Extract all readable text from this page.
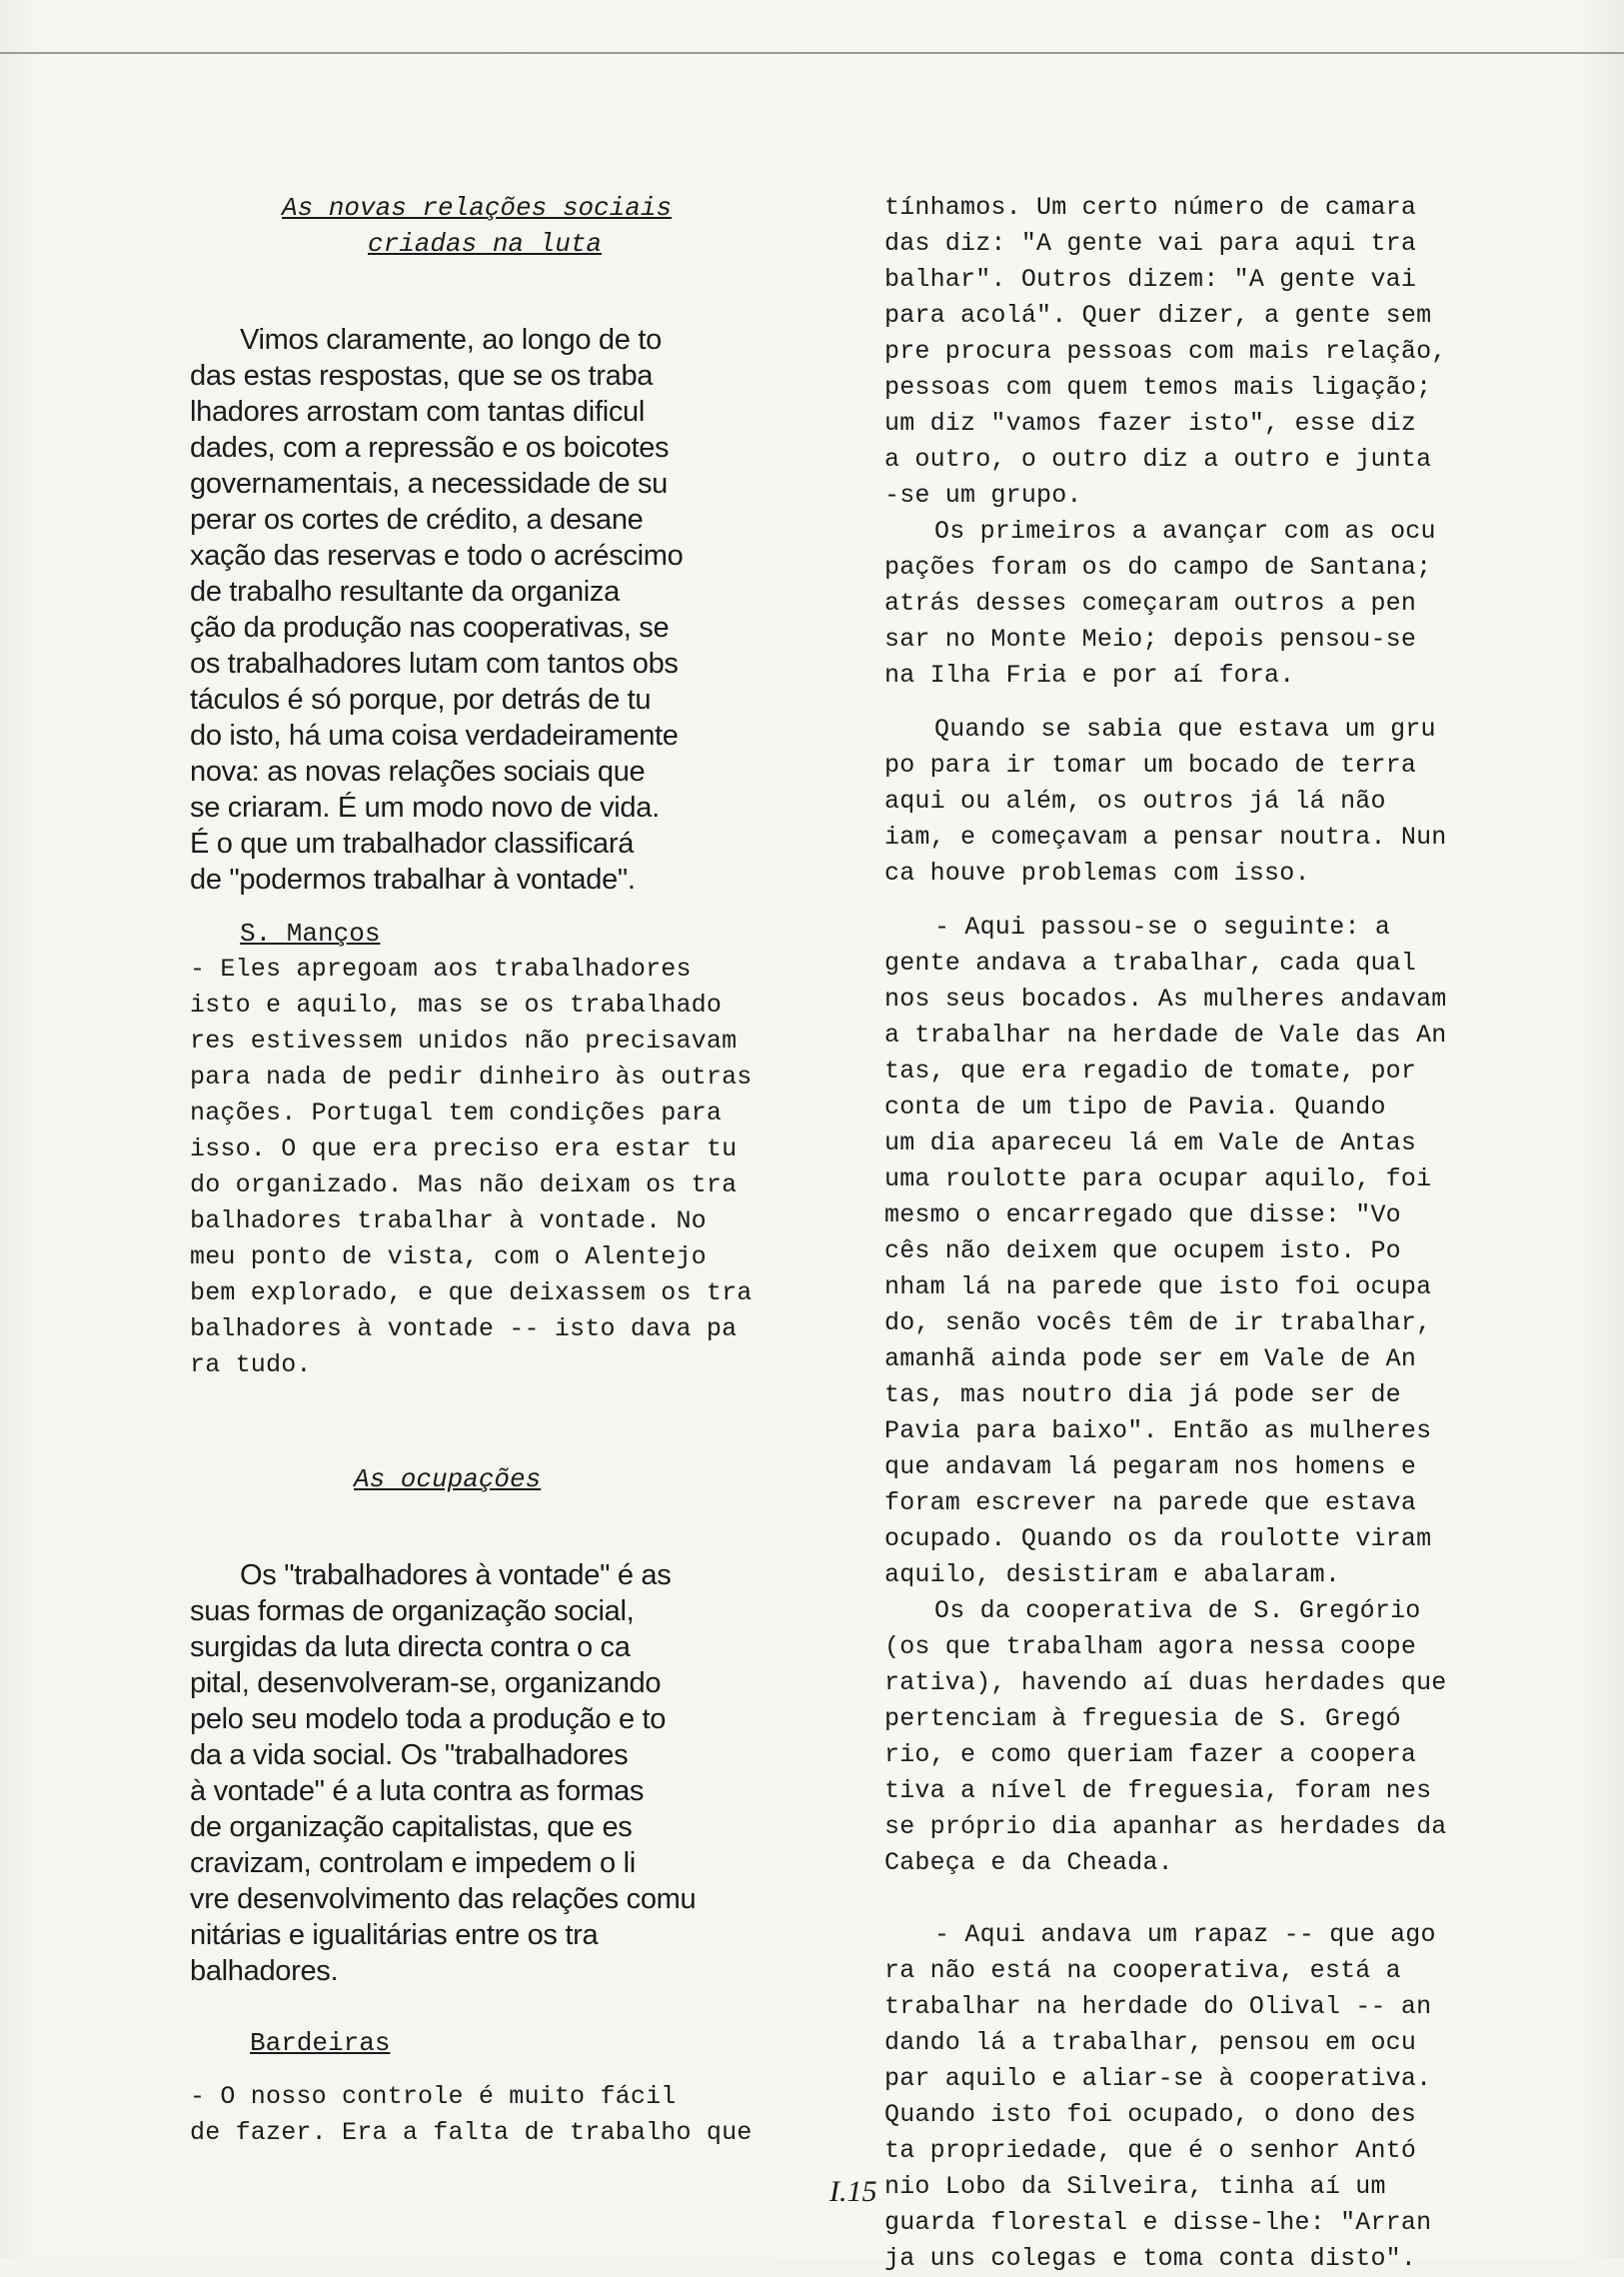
As novas relações sociais
criadas na luta
Vimos claramente, ao longo de to
das estas respostas, que se os traba
lhadores arrostam com tantas dificul
dades, com a repressão e os boicotes
governamentais, a necessidade de su
perar os cortes de crédito, a desane
xação das reservas e todo o acréscimo
de trabalho resultante da organiza
ção da produção nas cooperativas, se
os trabalhadores lutam com tantos obs
táculos é só porque, por detrás de tu
do isto, há uma coisa verdadeiramente
nova: as novas relações sociais que
se criaram. É um modo novo de vida.
É o que um trabalhador classificará
de "podermos trabalhar à vontade".
S. Manços
- Eles apregoam aos trabalhadores
isto e aquilo, mas se os trabalhado
res estivessem unidos não precisavam
para nada de pedir dinheiro às outras
nações. Portugal tem condições para
isso. O que era preciso era estar tu
do organizado. Mas não deixam os tra
balhadores trabalhar à vontade. No
meu ponto de vista, com o Alentejo
bem explorado, e que deixassem os tra
balhadores à vontade -- isto dava pa
ra tudo.
As ocupações
Os "trabalhadores à vontade" é as
suas formas de organização social,
surgidas da luta directa contra o ca
pital, desenvolveram-se, organizando
pelo seu modelo toda a produção e to
da a vida social. Os "trabalhadores
à vontade" é a luta contra as formas
de organização capitalistas, que es
cravizam, controlam e impedem o li
vre desenvolvimento das relações comu
nitárias e igualitárias entre os tra
balhadores.
Bardeiras
- O nosso controle é muito fácil
de fazer. Era a falta de trabalho que
tínhamos. Um certo número de camara
das diz: "A gente vai para aqui tra
balhar". Outros dizem: "A gente vai
para acolá". Quer dizer, a gente sem
pre procura pessoas com mais relação,
pessoas com quem temos mais ligação;
um diz "vamos fazer isto", esse diz
a outro, o outro diz a outro e junta
-se um grupo.
Os primeiros a avançar com as ocu
pações foram os do campo de Santana;
atrás desses começaram outros a pen
sar no Monte Meio; depois pensou-se
na Ilha Fria e por aí fora.
Quando se sabia que estava um gru
po para ir tomar um bocado de terra
aqui ou além, os outros já lá não
iam, e começavam a pensar noutra. Nun
ca houve problemas com isso.
- Aqui passou-se o seguinte: a
gente andava a trabalhar, cada qual
nos seus bocados. As mulheres andavam
a trabalhar na herdade de Vale das An
tas, que era regadio de tomate, por
conta de um tipo de Pavia. Quando
um dia apareceu lá em Vale de Antas
uma roulotte para ocupar aquilo, foi
mesmo o encarregado que disse: "Vo
cês não deixem que ocupem isto. Po
nham lá na parede que isto foi ocupa
do, senão vocês têm de ir trabalhar,
amanhã ainda pode ser em Vale de An
tas, mas noutro dia já pode ser de
Pavia para baixo". Então as mulheres
que andavam lá pegaram nos homens e
foram escrever na parede que estava
ocupado. Quando os da roulotte viram
aquilo, desistiram e abalaram.
Os da cooperativa de S. Gregório
(os que trabalham agora nessa coope
rativa), havendo aí duas herdades que
pertenciam à freguesia de S. Gregó
rio, e como queriam fazer a coopera
tiva a nível de freguesia, foram nes
se próprio dia apanhar as herdades da
Cabeça e da Cheada.
- Aqui andava um rapaz -- que ago
ra não está na cooperativa, está a
trabalhar na herdade do Olival -- an
dando lá a trabalhar, pensou em ocu
par aquilo e aliar-se à cooperativa.
Quando isto foi ocupado, o dono des
ta propriedade, que é o senhor Antó
nio Lobo da Silveira, tinha aí um
guarda florestal e disse-lhe: "Arran
ja uns colegas e toma conta disto".
I.15
